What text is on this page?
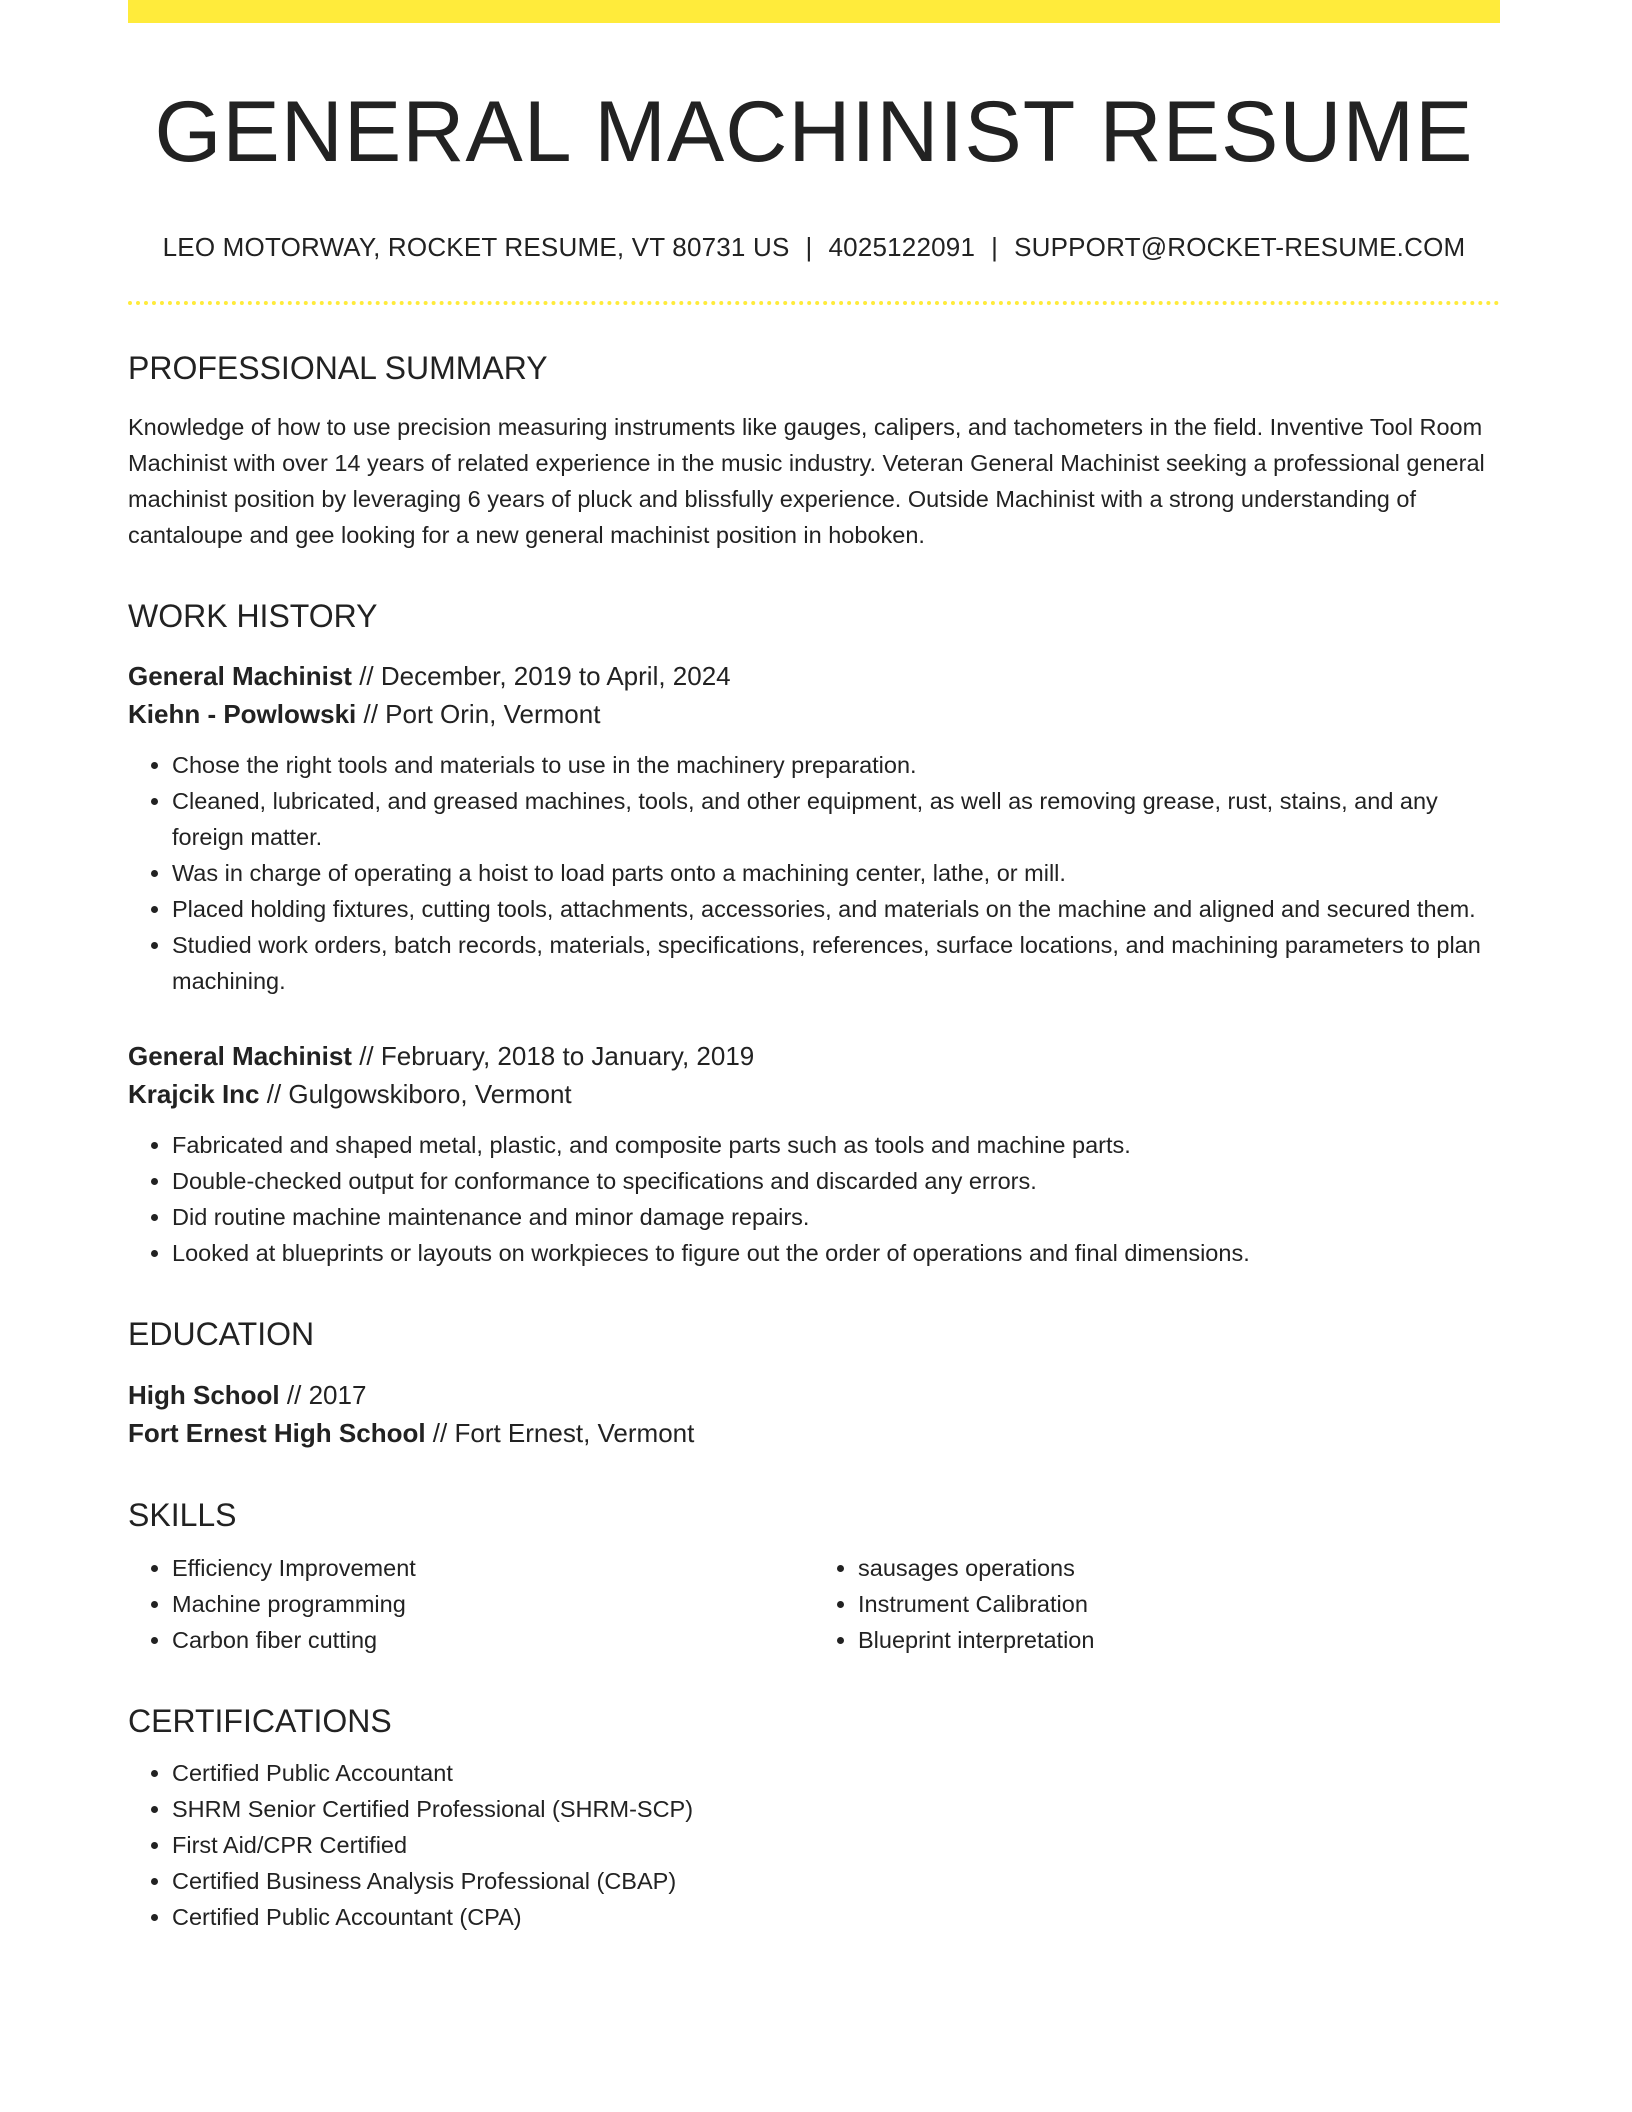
GENERAL MACHINIST RESUME
LEO MOTORWAY, ROCKET RESUME, VT 80731 US | 4025122091 | SUPPORT@ROCKET-RESUME.COM
PROFESSIONAL SUMMARY
Knowledge of how to use precision measuring instruments like gauges, calipers, and tachometers in the field. Inventive Tool Room Machinist with over 14 years of related experience in the music industry. Veteran General Machinist seeking a professional general machinist position by leveraging 6 years of pluck and blissfully experience. Outside Machinist with a strong understanding of cantaloupe and gee looking for a new general machinist position in hoboken.
WORK HISTORY
General Machinist // December, 2019 to April, 2024
Kiehn - Powlowski // Port Orin, Vermont
• Chose the right tools and materials to use in the machinery preparation.
• Cleaned, lubricated, and greased machines, tools, and other equipment, as well as removing grease, rust, stains, and any foreign matter.
• Was in charge of operating a hoist to load parts onto a machining center, lathe, or mill.
• Placed holding fixtures, cutting tools, attachments, accessories, and materials on the machine and aligned and secured them.
• Studied work orders, batch records, materials, specifications, references, surface locations, and machining parameters to plan machining.
General Machinist // February, 2018 to January, 2019
Krajcik Inc // Gulgowskiboro, Vermont
• Fabricated and shaped metal, plastic, and composite parts such as tools and machine parts.
• Double-checked output for conformance to specifications and discarded any errors.
• Did routine machine maintenance and minor damage repairs.
• Looked at blueprints or layouts on workpieces to figure out the order of operations and final dimensions.
EDUCATION
High School // 2017
Fort Ernest High School // Fort Ernest, Vermont
SKILLS
• Efficiency Improvement
• Machine programming
• Carbon fiber cutting
• sausages operations
• Instrument Calibration
• Blueprint interpretation
CERTIFICATIONS
• Certified Public Accountant
• SHRM Senior Certified Professional (SHRM-SCP)
• First Aid/CPR Certified
• Certified Business Analysis Professional (CBAP)
• Certified Public Accountant (CPA)
